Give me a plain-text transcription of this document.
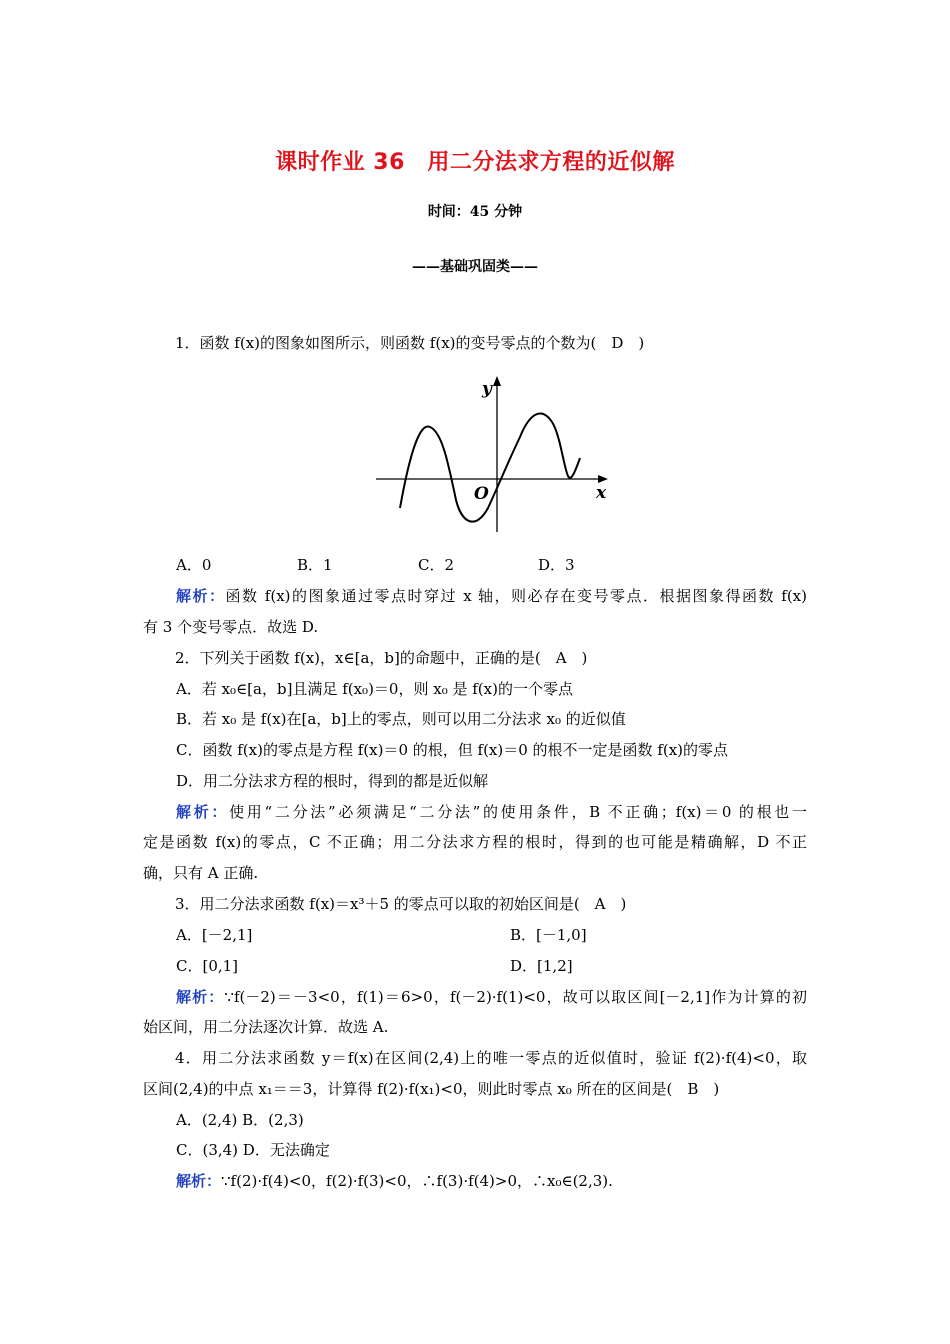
课时作业 36　用二分法求方程的近似解
时间：45 分钟
——基础巩固类——
1．函数 f(x)的图象如图所示，则函数 f(x)的变号零点的个数为(　D　)
y
x
O
A．0	B．1	C．2	D．3
解析：函数 f(x)的图象通过零点时穿过 x 轴，则必存在变号零点．根据图象得函数 f(x)
有 3 个变号零点．故选 D.
2．下列关于函数 f(x)，x∈[a，b]的命题中，正确的是(　A　)
A．若 x₀∈[a，b]且满足 f(x₀)＝0，则 x₀ 是 f(x)的一个零点
B．若 x₀ 是 f(x)在[a，b]上的零点，则可以用二分法求 x₀ 的近似值
C．函数 f(x)的零点是方程 f(x)＝0 的根，但 f(x)＝0 的根不一定是函数 f(x)的零点
D．用二分法求方程的根时，得到的都是近似解
解析：使用“二分法”必须满足“二分法”的使用条件，B 不正确；f(x)＝0 的根也一
定是函数 f(x)的零点，C 不正确；用二分法求方程的根时，得到的也可能是精确解，D 不正
确，只有 A 正确.
3．用二分法求函数 f(x)＝x³＋5 的零点可以取的初始区间是(　A　)
A．[－2,1]	B．[－1,0]
C．[0,1]	D．[1,2]
解析：∵f(－2)＝－3<0，f(1)＝6>0，f(－2)·f(1)<0，故可以取区间[－2,1]作为计算的初
始区间，用二分法逐次计算．故选 A.
4．用二分法求函数 y＝f(x)在区间(2,4)上的唯一零点的近似值时，验证 f(2)·f(4)<0，取
区间(2,4)的中点 x₁＝＝3，计算得 f(2)·f(x₁)<0，则此时零点 x₀ 所在的区间是(　B　)
A．(2,4) B．(2,3)
C．(3,4) D．无法确定
解析：∵f(2)·f(4)<0，f(2)·f(3)<0，∴f(3)·f(4)>0，∴x₀∈(2,3).
